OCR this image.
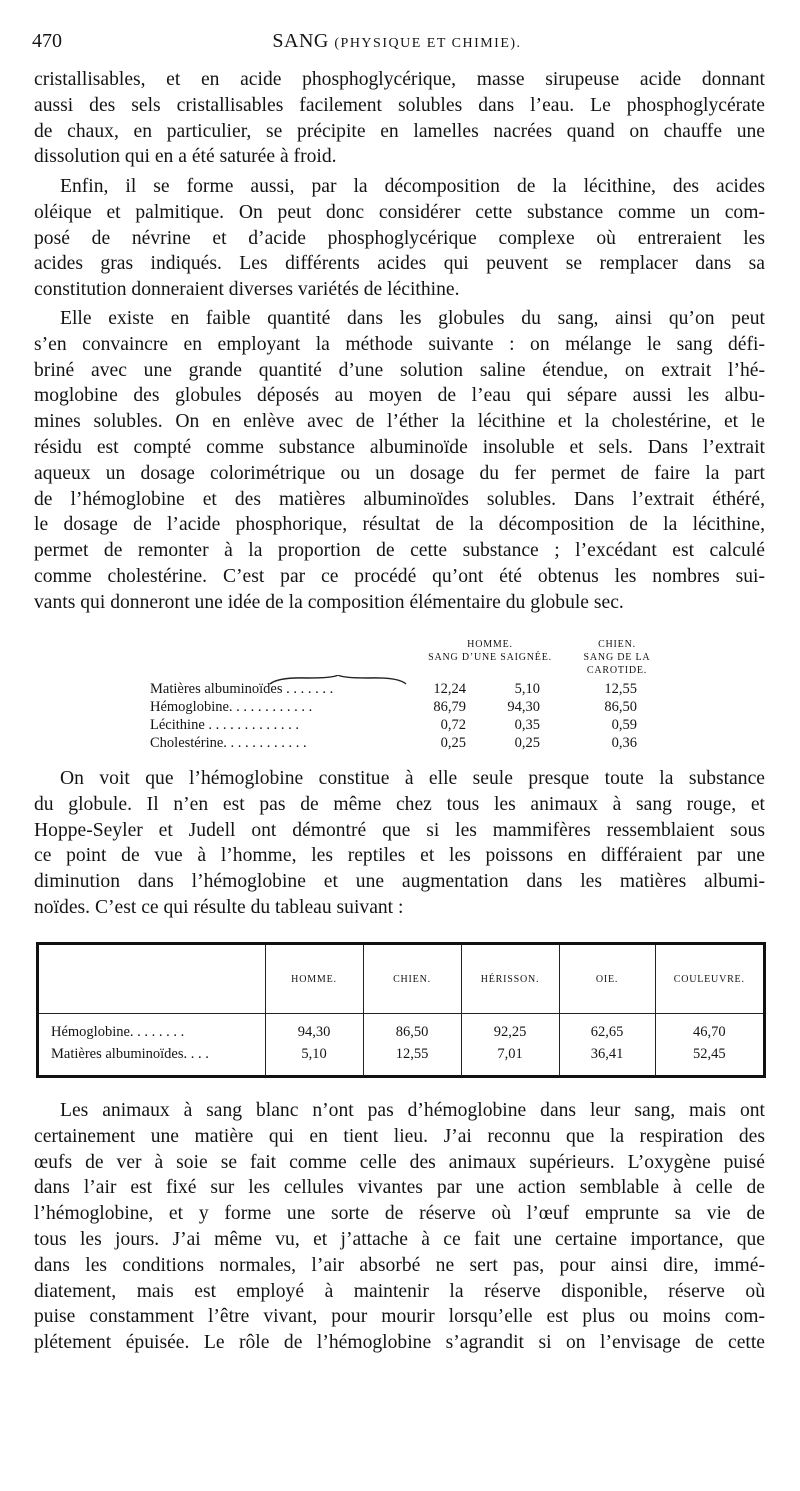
470	SANG (PHYSIQUE ET CHIMIE).
cristallisables, et en acide phosphoglycérique, masse sirupeuse acide donnant
aussi des sels cristallisables facilement solubles dans l’eau. Le phosphoglycérate
de chaux, en particulier, se précipite en lamelles nacrées quand on chauffe une
dissolution qui en a été saturée à froid.
Enfin, il se forme aussi, par la décomposition de la lécithine, des acides
oléique et palmitique. On peut donc considérer cette substance comme un com-
posé de névrine et d’acide phosphoglycérique complexe où entreraient les
acides gras indiqués. Les différents acides qui peuvent se remplacer dans sa
constitution donneraient diverses variétés de lécithine.
Elle existe en faible quantité dans les globules du sang, ainsi qu’on peut
s’en convaincre en employant la méthode suivante : on mélange le sang défi-
briné avec une grande quantité d’une solution saline étendue, on extrait l’hé-
moglobine des globules déposés au moyen de l’eau qui sépare aussi les albu-
mines solubles. On en enlève avec de l’éther la lécithine et la cholestérine, et le
résidu est compté comme substance albuminoïde insoluble et sels. Dans l’extrait
aqueux un dosage colorimétrique ou un dosage du fer permet de faire la part
de l’hémoglobine et des matières albuminoïdes solubles. Dans l’extrait éthéré,
le dosage de l’acide phosphorique, résultat de la décomposition de la lécithine,
permet de remonter à la proportion de cette substance ; l’excédant est calculé
comme cholestérine. C’est par ce procédé qu’ont été obtenus les nombres sui-
vants qui donneront une idée de la composition élémentaire du globule sec.
HOMME.
SANG D’UNE SAIGNÉE.
CHIEN.
SANG DE LA
CAROTIDE.
Matières albuminoïdes . . . . . . .	12,24	5,10	12,55
Hémoglobine. . . . . . . . . . . .	86,79	94,30	86,50
Lécithine . . . . . . . . . . . . .	0,72	0,35	0,59
Cholestérine. . . . . . . . . . . .	0,25	0,25	0,36
On voit que l’hémoglobine constitue à elle seule presque toute la substance
du globule. Il n’en est pas de même chez tous les animaux à sang rouge, et
Hoppe-Seyler et Judell ont démontré que si les mammifères ressemblaient sous
ce point de vue à l’homme, les reptiles et les poissons en différaient par une
diminution dans l’hémoglobine et une augmentation dans les matières albumi-
noïdes. C’est ce qui résulte du tableau suivant :
	HOMME.	CHIEN.	HÉRISSON.	OIE.	COULEUVRE.
Hémoglobine. . . . . . . .	94,30	86,50	92,25	62,65	46,70
Matières albuminoïdes. . . .	5,10	12,55	7,01	36,41	52,45
Les animaux à sang blanc n’ont pas d’hémoglobine dans leur sang, mais ont
certainement une matière qui en tient lieu. J’ai reconnu que la respiration des
œufs de ver à soie se fait comme celle des animaux supérieurs. L’oxygène puisé
dans l’air est fixé sur les cellules vivantes par une action semblable à celle de
l’hémoglobine, et y forme une sorte de réserve où l’œuf emprunte sa vie de
tous les jours. J’ai même vu, et j’attache à ce fait une certaine importance, que
dans les conditions normales, l’air absorbé ne sert pas, pour ainsi dire, immé-
diatement, mais est employé à maintenir la réserve disponible, réserve où
puise constamment l’être vivant, pour mourir lorsqu’elle est plus ou moins com-
plétement épuisée. Le rôle de l’hémoglobine s’agrandit si on l’envisage de cette
